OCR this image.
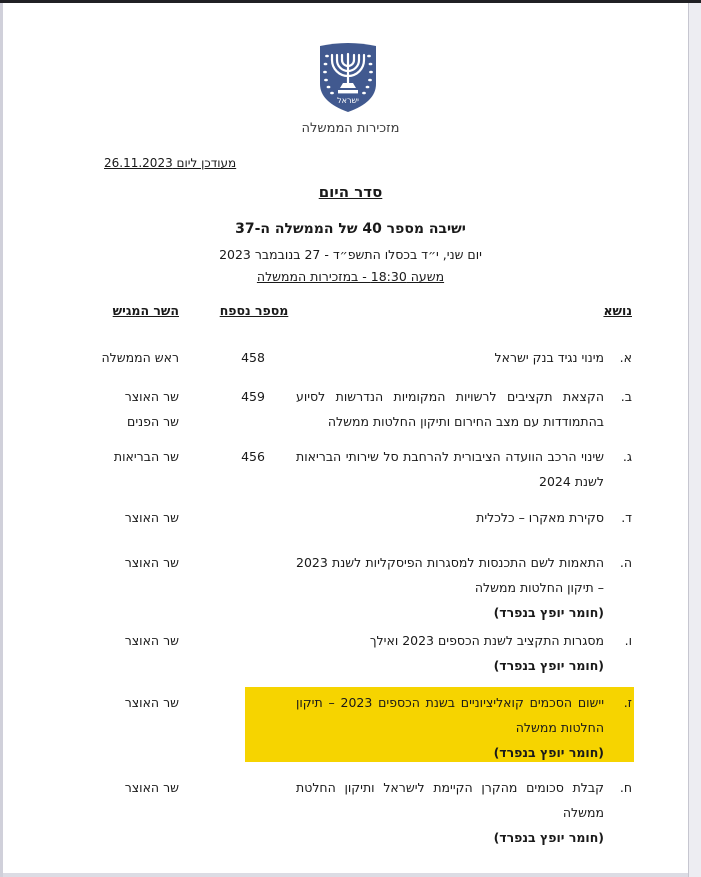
ישראל
מזכירות הממשלה
מעודכן ליום 26.11.2023
סדר היום
ישיבה מספר 40 של הממשלה ה-37
יום שני, י״ד בכסלו התשפ״ד - 27 בנובמבר 2023
משעה 18:30 - במזכירות הממשלה
נושא
מספר נספח
השר המגיש
א.
מינוי נגיד בנק ישראל
458
ראש הממשלה
ב.
הקצאת תקציבים לרשויות המקומיות הנדרשות לסיוע בהתמודדות עם מצב החירום ותיקון החלטות ממשלה
459
שר האוצר
שר הפנים
ג.
שינוי הרכב הוועדה הציבורית להרחבת סל שירותי הבריאות לשנת 2024
456
שר הבריאות
ד.
סקירת מאקרו – כלכלית
שר האוצר
ה.
התאמות לשם התכנסות למסגרות הפיסקליות לשנת 2023 – תיקון החלטות ממשלה
(חומר יופץ בנפרד)
שר האוצר
ו.
מסגרות התקציב לשנת הכספים 2023 ואילך
(חומר יופץ בנפרד)
שר האוצר
ז.
יישום הסכמים קואליציוניים בשנת הכספים 2023 – תיקון החלטות ממשלה
(חומר יופץ בנפרד)
שר האוצר
ח.
קבלת סכומים מהקרן הקיימת לישראל ותיקון החלטת ממשלה
(חומר יופץ בנפרד)
שר האוצר
